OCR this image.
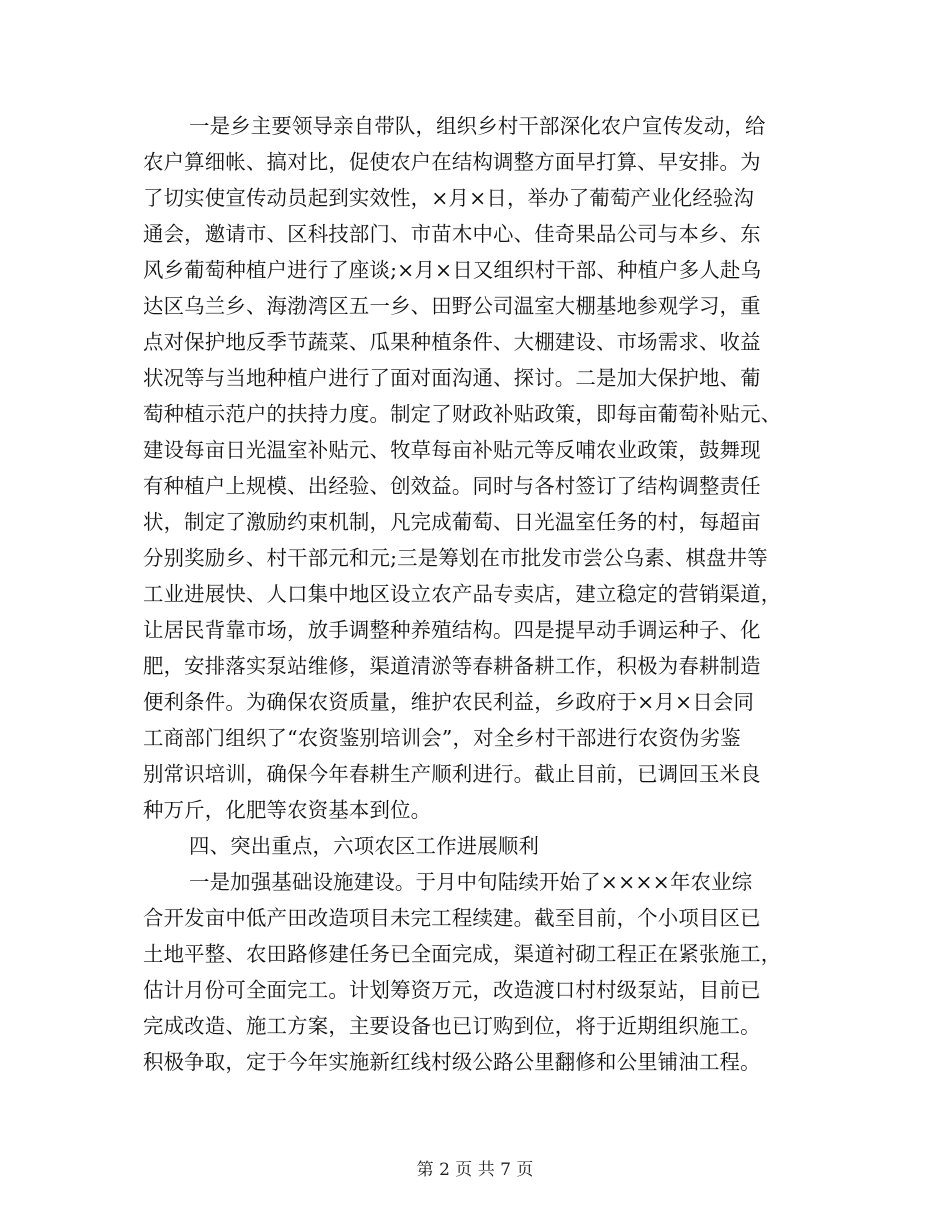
一是乡主要领导亲自带队，组织乡村干部深化农户宣传发动，给
农户算细帐、搞对比，促使农户在结构调整方面早打算、早安排。为
了切实使宣传动员起到实效性，×月×日，举办了葡萄产业化经验沟
通会，邀请市、区科技部门、市苗木中心、佳奇果品公司与本乡、东
风乡葡萄种植户进行了座谈;×月×日又组织村干部、种植户多人赴乌
达区乌兰乡、海渤湾区五一乡、田野公司温室大棚基地参观学习，重
点对保护地反季节蔬菜、瓜果种植条件、大棚建设、市场需求、收益
状况等与当地种植户进行了面对面沟通、探讨。二是加大保护地、葡
萄种植示范户的扶持力度。制定了财政补贴政策，即每亩葡萄补贴元、
建设每亩日光温室补贴元、牧草每亩补贴元等反哺农业政策，鼓舞现
有种植户上规模、出经验、创效益。同时与各村签订了结构调整责任
状，制定了激励约束机制，凡完成葡萄、日光温室任务的村，每超亩
分别奖励乡、村干部元和元;三是筹划在市批发市尝公乌素、棋盘井等
工业进展快、人口集中地区设立农产品专卖店，建立稳定的营销渠道，
让居民背靠市场，放手调整种养殖结构。四是提早动手调运种子、化
肥，安排落实泵站维修，渠道清淤等春耕备耕工作，积极为春耕制造
便利条件。为确保农资质量，维护农民利益，乡政府于×月×日会同
工商部门组织了“农资鉴别培训会”，对全乡村干部进行农资伪劣鉴
别常识培训，确保今年春耕生产顺利进行。截止目前，已调回玉米良
种万斤，化肥等农资基本到位。
四、突出重点，六项农区工作进展顺利
一是加强基础设施建设。于月中旬陆续开始了××××年农业综
合开发亩中低产田改造项目未完工程续建。截至目前，个小项目区已
土地平整、农田路修建任务已全面完成，渠道衬砌工程正在紧张施工，
估计月份可全面完工。计划筹资万元，改造渡口村村级泵站，目前已
完成改造、施工方案，主要设备也已订购到位，将于近期组织施工。
积极争取，定于今年实施新红线村级公路公里翻修和公里铺油工程。
第 2 页 共 7 页
